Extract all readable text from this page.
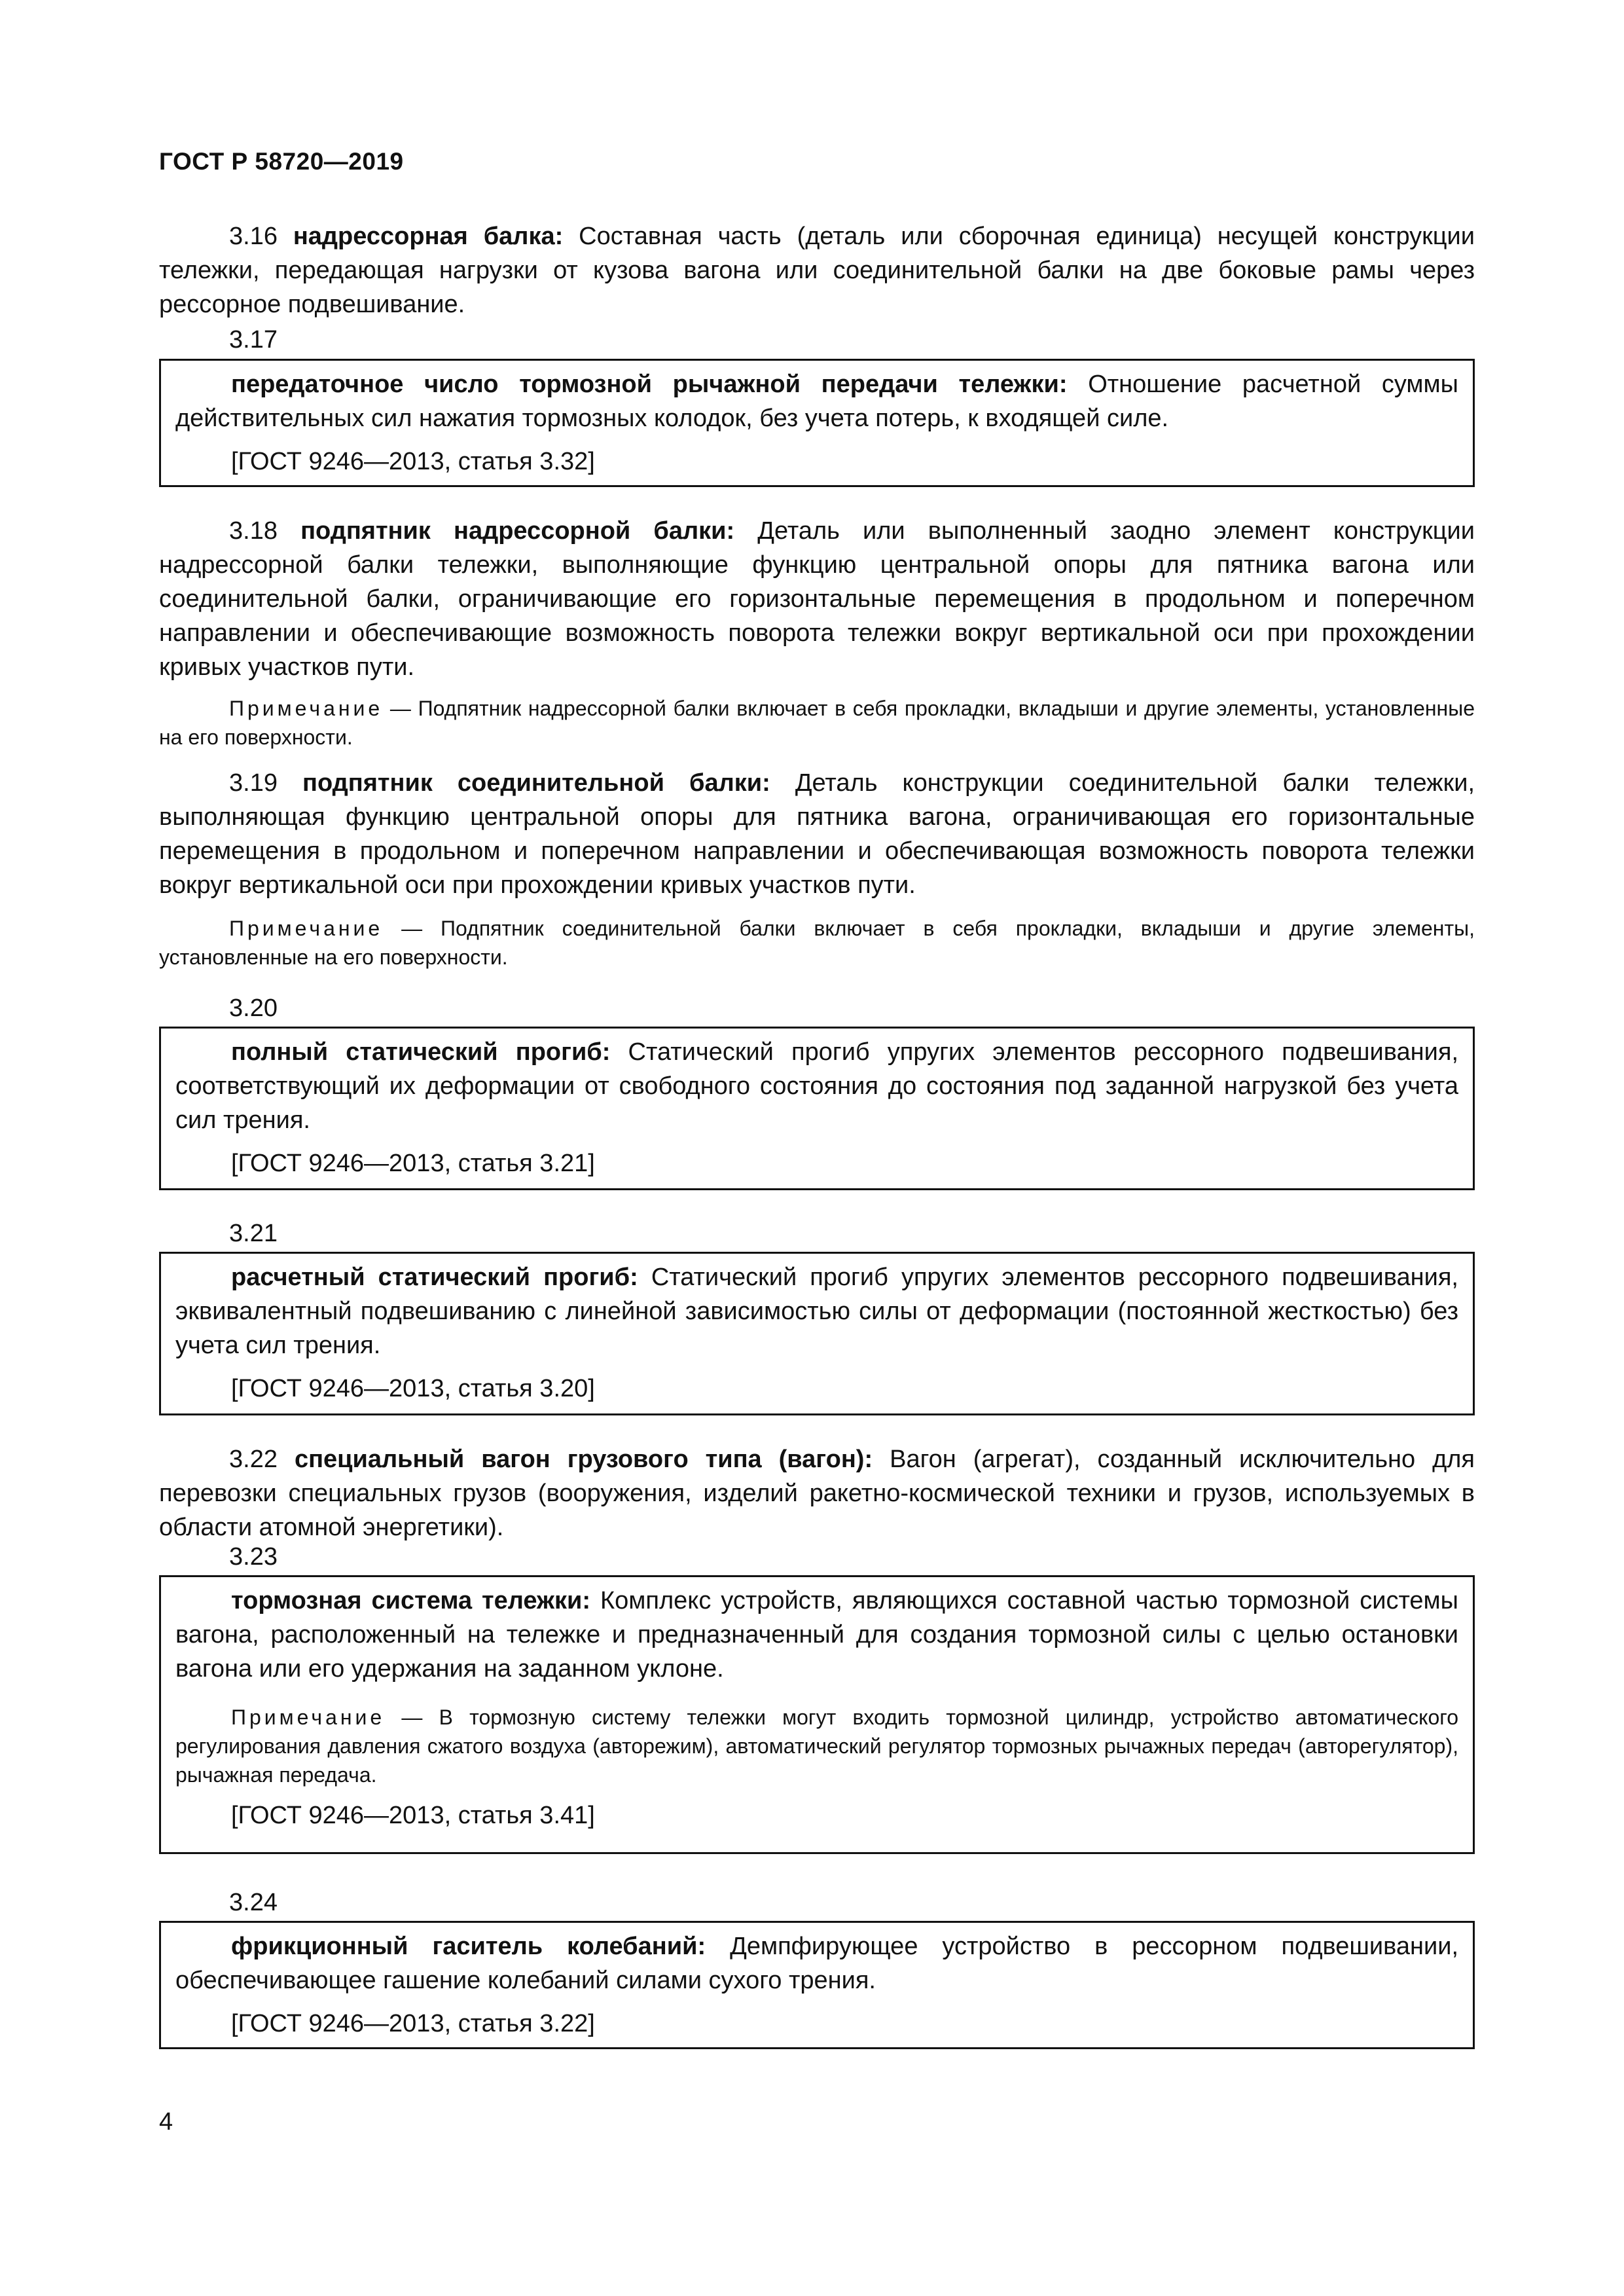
ГОСТ Р 58720—2019
3.16 надрессорная балка: Составная часть (деталь или сборочная единица) несущей конструкции тележки, передающая нагрузки от кузова вагона или соединительной балки на две боковые рамы через рессорное подвешивание.
3.17

передаточное число тормозной рычажной передачи тележки: Отношение расчетной суммы действительных сил нажатия тормозных колодок, без учета потерь, к входящей силе.

[ГОСТ 9246—2013, статья 3.32]

3.18 подпятник надрессорной балки: Деталь или выполненный заодно элемент конструкции надрессорной балки тележки, выполняющие функцию центральной опоры для пятника вагона или соединительной балки, ограничивающие его горизонтальные перемещения в продольном и поперечном направлении и обеспечивающие возможность поворота тележки вокруг вертикальной оси при прохождении кривых участков пути.
Примечание — Подпятник надрессорной балки включает в себя прокладки, вкладыши и другие элементы, установленные на его поверхности.
3.19 подпятник соединительной балки: Деталь конструкции соединительной балки тележки, выполняющая функцию центральной опоры для пятника вагона, ограничивающая его горизонтальные перемещения в продольном и поперечном направлении и обеспечивающая возможность поворота тележки вокруг вертикальной оси при прохождении кривых участков пути.
Примечание — Подпятник соединительной балки включает в себя прокладки, вкладыши и другие элементы, установленные на его поверхности.
3.20

полный статический прогиб: Статический прогиб упругих элементов рессорного подвешивания, соответствующий их деформации от свободного состояния до состояния под заданной нагрузкой без учета сил трения.

[ГОСТ 9246—2013, статья 3.21]

3.21

расчетный статический прогиб: Статический прогиб упругих элементов рессорного подвешивания, эквивалентный подвешиванию с линейной зависимостью силы от деформации (постоянной жесткостью) без учета сил трения.

[ГОСТ 9246—2013, статья 3.20]

3.22 специальный вагон грузового типа (вагон): Вагон (агрегат), созданный исключительно для перевозки специальных грузов (вооружения, изделий ракетно-космической техники и грузов, используемых в области атомной энергетики).
3.23

тормозная система тележки: Комплекс устройств, являющихся составной частью тормозной системы вагона, расположенный на тележке и предназначенный для создания тормозной силы с целью остановки вагона или его удержания на заданном уклоне.

Примечание — В тормозную систему тележки могут входить тормозной цилиндр, устройство автоматического регулирования давления сжатого воздуха (авторежим), автоматический регулятор тормозных рычажных передач (авторегулятор), рычажная передача.

[ГОСТ 9246—2013, статья 3.41]

3.24

фрикционный гаситель колебаний: Демпфирующее устройство в рессорном подвешивании, обеспечивающее гашение колебаний силами сухого трения.

[ГОСТ 9246—2013, статья 3.22]

4
